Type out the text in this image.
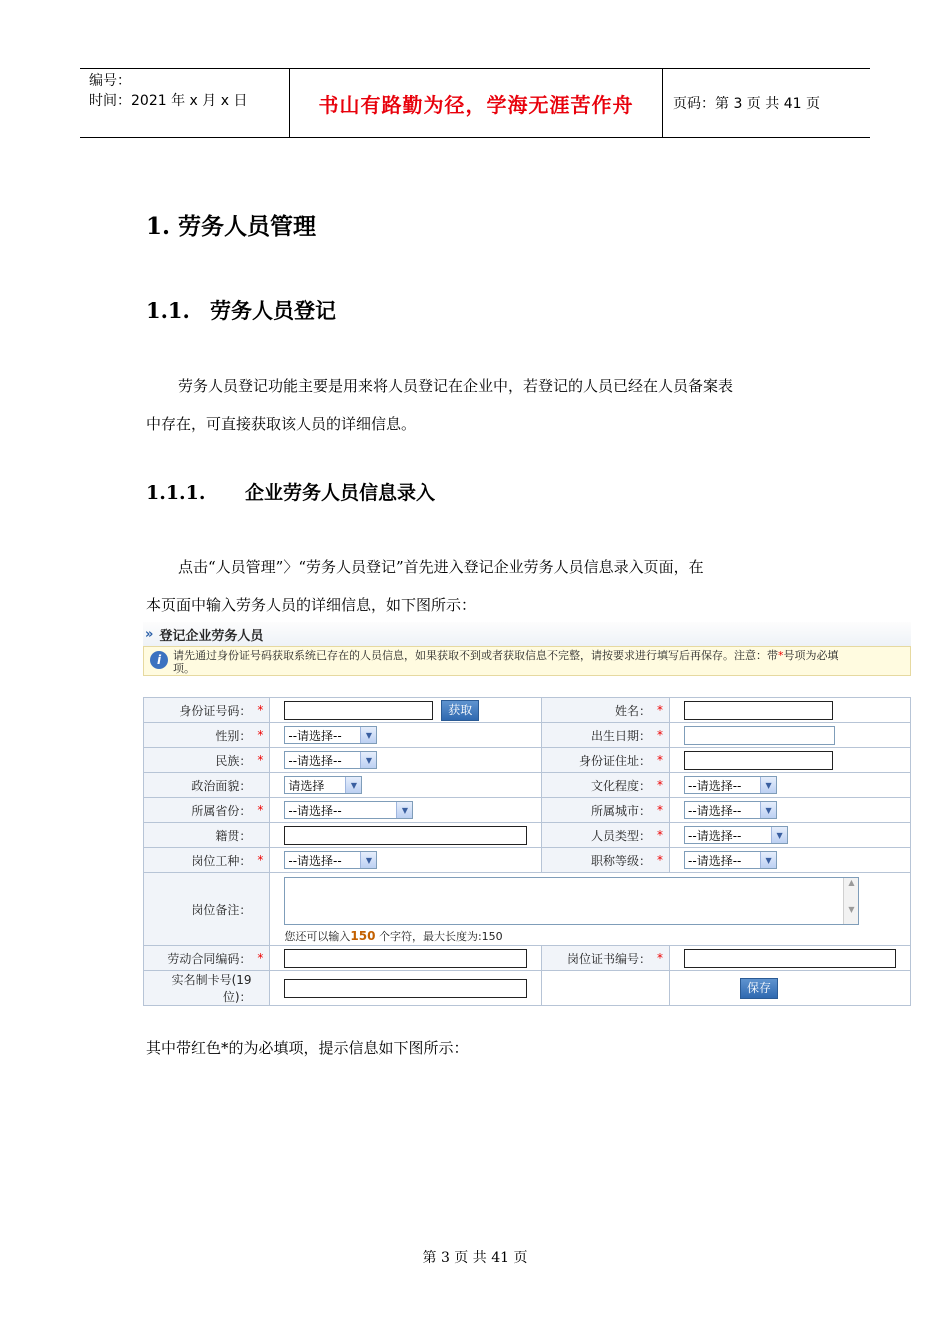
编号：
时间：2021 年 x 月 x 日	书山有路勤为径，学海无涯苦作舟	页码：第 3 页 共 41 页
1. 劳务人员管理
1.1. 劳务人员登记
劳务人员登记功能主要是用来将人员登记在企业中，若登记的人员已经在人员备案表
中存在，可直接获取该人员的详细信息。
1.1.1. 企业劳务人员信息录入
点击“人员管理”〉“劳务人员登记”首先进入登记企业劳务人员信息录入页面，在
本页面中输入劳务人员的详细信息，如下图所示：
» 登记企业劳务人员
i	请先通过身份证号码获取系统已存在的人员信息，如果获取不到或者获取信息不完整，请按要求进行填写后再保存。注意：带*号项为必填
项。
身份证号码： *	获取	姓名： *	

性别： *	--请选择-- ▼	出生日期： *	

民族： *	--请选择-- ▼	身份证住址： *	

政治面貌：	请选择 ▼	文化程度： *	--请选择-- ▼

所属省份： *	--请选择-- ▼	所属城市： *	--请选择-- ▼

籍贯：		人员类型： *	--请选择-- ▼

岗位工种： *	--请选择-- ▼	职称等级： *	--请选择-- ▼

岗位备注：	▲
▼
您还可以输入150 个字符，最大长度为:150		

劳动合同编码： *		岗位证书编号： *	

实名制卡号(19位)：			保存
其中带红色*的为必填项，提示信息如下图所示：
第 3 页 共 41 页
